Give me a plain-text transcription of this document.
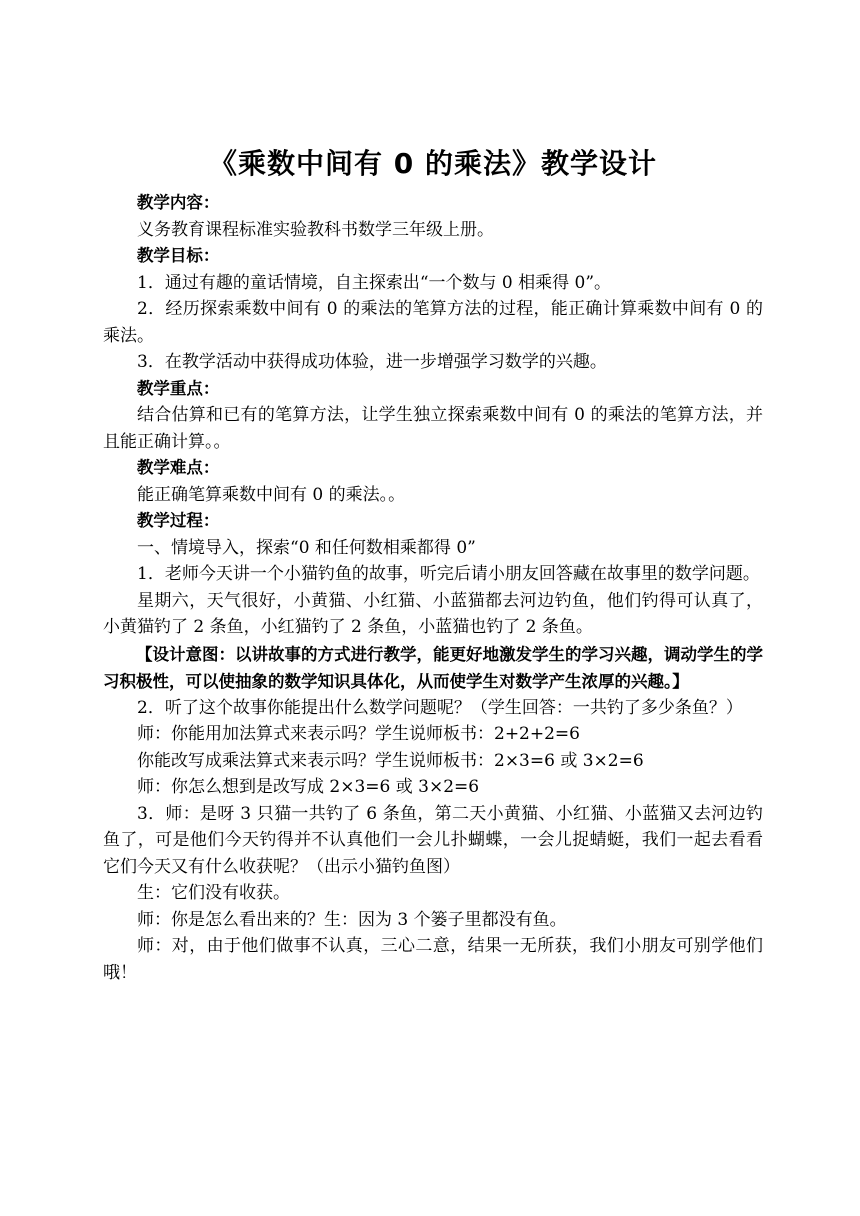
《乘数中间有 0 的乘法》教学设计

教学内容：

义务教育课程标准实验教科书数学三年级上册。

教学目标：

1．通过有趣的童话情境，自主探索出“一个数与 0 相乘得 0”。

2．经历探索乘数中间有 0 的乘法的笔算方法的过程，能正确计算乘数中间有 0 的乘法。

3．在教学活动中获得成功体验，进一步增强学习数学的兴趣。

教学重点：

结合估算和已有的笔算方法，让学生独立探索乘数中间有 0 的乘法的笔算方法，并且能正确计算。。

教学难点：

能正确笔算乘数中间有 0 的乘法。。

教学过程：

一、情境导入，探索“0 和任何数相乘都得 0”

1．老师今天讲一个小猫钓鱼的故事，听完后请小朋友回答藏在故事里的数学问题。

星期六，天气很好，小黄猫、小红猫、小蓝猫都去河边钓鱼，他们钓得可认真了，小黄猫钓了 2 条鱼，小红猫钓了 2 条鱼，小蓝猫也钓了 2 条鱼。

【设计意图：以讲故事的方式进行教学，能更好地激发学生的学习兴趣，调动学生的学习积极性，可以使抽象的数学知识具体化，从而使学生对数学产生浓厚的兴趣。】

2．听了这个故事你能提出什么数学问题呢？（学生回答：一共钓了多少条鱼？）

师：你能用加法算式来表示吗？学生说师板书：2+2+2=6

你能改写成乘法算式来表示吗？学生说师板书：2×3=6 或 3×2=6

师：你怎么想到是改写成 2×3=6 或 3×2=6

3．师：是呀 3 只猫一共钓了 6 条鱼，第二天小黄猫、小红猫、小蓝猫又去河边钓鱼了，可是他们今天钓得并不认真他们一会儿扑蝴蝶，一会儿捉蜻蜓，我们一起去看看它们今天又有什么收获呢？（出示小猫钓鱼图）

生：它们没有收获。

师：你是怎么看出来的？生：因为 3 个篓子里都没有鱼。

师：对，由于他们做事不认真，三心二意，结果一无所获，我们小朋友可别学他们哦！
